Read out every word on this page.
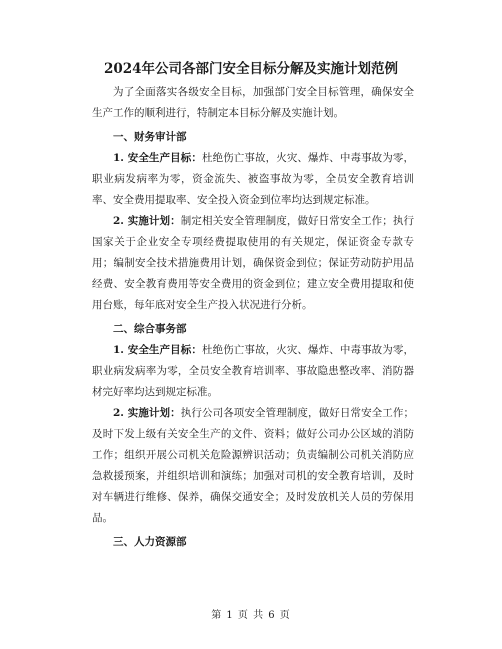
2024年公司各部门安全目标分解及实施计划范例

为了全面落实各级安全目标，加强部门安全目标管理，确保安全生产工作的顺利进行，特制定本目标分解及实施计划。

一、财务审计部

1. 安全生产目标：杜绝伤亡事故，火灾、爆炸、中毒事故为零，职业病发病率为零，资金流失、被盗事故为零，全员安全教育培训率、安全费用提取率、安全投入资金到位率均达到规定标准。

2. 实施计划：制定相关安全管理制度，做好日常安全工作；执行国家关于企业安全专项经费提取使用的有关规定，保证资金专款专用；编制安全技术措施费用计划，确保资金到位；保证劳动防护用品经费、安全教育费用等安全费用的资金到位；建立安全费用提取和使用台账，每年底对安全生产投入状况进行分析。

二、综合事务部

1. 安全生产目标：杜绝伤亡事故，火灾、爆炸、中毒事故为零，职业病发病率为零，全员安全教育培训率、事故隐患整改率、消防器材完好率均达到规定标准。

2. 实施计划：执行公司各项安全管理制度，做好日常安全工作；及时下发上级有关安全生产的文件、资料；做好公司办公区域的消防工作；组织开展公司机关危险源辨识活动；负责编制公司机关消防应急救援预案，并组织培训和演练；加强对司机的安全教育培训，及时对车辆进行维修、保养，确保交通安全；及时发放机关人员的劳保用品。

三、人力资源部

第 1 页 共 6 页
